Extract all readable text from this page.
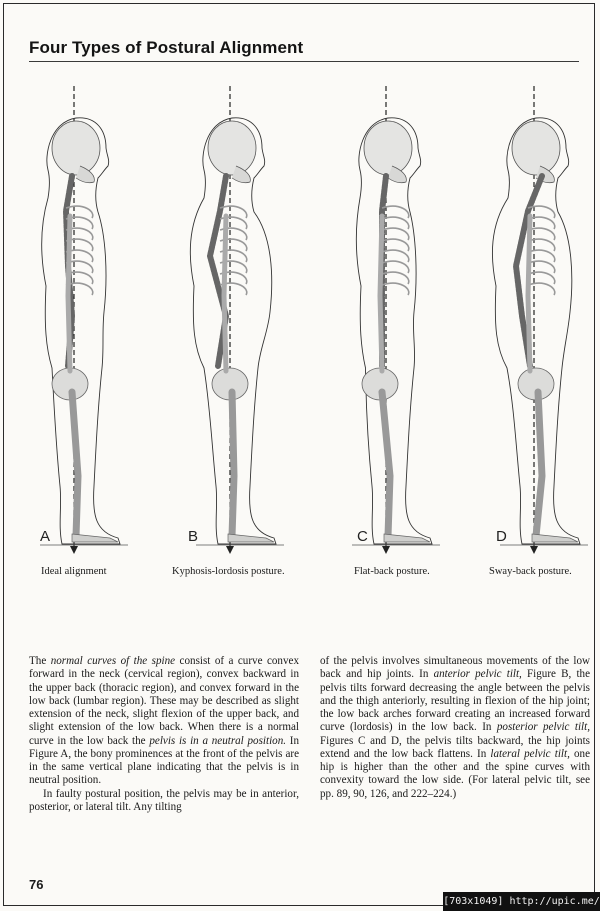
Four Types of Postural Alignment
A	B	C	D
Ideal alignment	Kyphosis-lordosis posture.	Flat-back posture.	Sway-back posture.

The normal curves of the spine consist of a curve convex forward in the neck (cervical region), convex backward in the upper back (thoracic region), and convex forward in the low back (lumbar region). These may be described as slight extension of the neck, slight flexion of the upper back, and slight extension of the low back. When there is a normal curve in the low back the pelvis is in a neutral position. In Figure A, the bony prominences at the front of the pelvis are in the same vertical plane indicating that the pelvis is in neutral position.

In faulty postural position, the pelvis may be in anterior, posterior, or lateral tilt. Any tilting

of the pelvis involves simultaneous movements of the low back and hip joints. In anterior pelvic tilt, Figure B, the pelvis tilts forward decreasing the angle between the pelvis and the thigh anteriorly, resulting in flexion of the hip joint; the low back arches forward creating an increased forward curve (lordosis) in the low back. In posterior pelvic tilt, Figures C and D, the pelvis tilts backward, the hip joints extend and the low back flattens. In lateral pelvic tilt, one hip is higher than the other and the spine curves with convexity toward the low side. (For lateral pelvic tilt, see pp. 89, 90, 126, and 222–224.)

76
[703x1049] http://upic.me/
